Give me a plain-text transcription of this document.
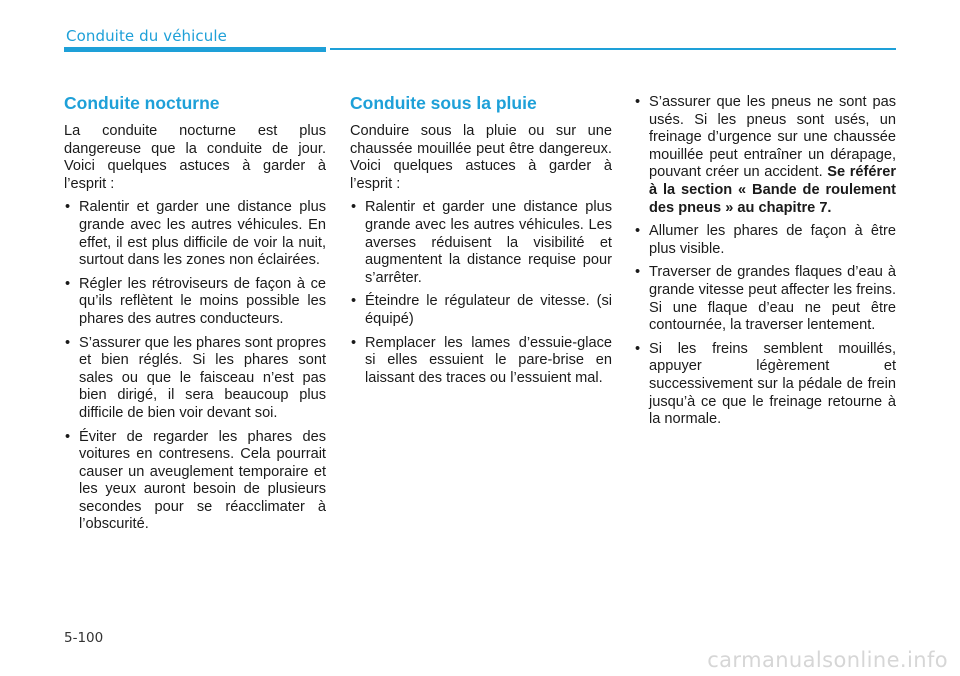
Conduite du véhicule
Conduite nocturne

La conduite nocturne est plus dangereuse que la conduite de jour. Voici quelques astuces à garder à l’esprit :

• Ralentir et garder une distance plus grande avec les autres véhicules. En effet, il est plus difficile de voir la nuit, surtout dans les zones non éclairées.
• Régler les rétroviseurs de façon à ce qu’ils reflètent le moins possible les phares des autres conducteurs.
• S’assurer que les phares sont propres et bien réglés. Si les phares sont sales ou que le faisceau n’est pas bien dirigé, il sera beaucoup plus difficile de bien voir devant soi.
• Éviter de regarder les phares des voitures en contresens. Cela pourrait causer un aveuglement temporaire et les yeux auront besoin de plusieurs secondes pour se réacclimater à l’obscurité.
Conduite sous la pluie

Conduire sous la pluie ou sur une chaussée mouillée peut être dangereux. Voici quelques astuces à garder à l’esprit :

• Ralentir et garder une distance plus grande avec les autres véhicules. Les averses réduisent la visibilité et augmentent la distance requise pour s’arrêter.
• Éteindre le régulateur de vitesse. (si équipé)
• Remplacer les lames d’essuie-glace si elles essuient le pare-brise en laissant des traces ou l’essuient mal.
• S’assurer que les pneus ne sont pas usés. Si les pneus sont usés, un freinage d’urgence sur une chaussée mouillée peut entraîner un dérapage, pouvant créer un accident. Se référer à la section « Bande de roulement des pneus » au chapitre 7.
• Allumer les phares de façon à être plus visible.
• Traverser de grandes flaques d’eau à grande vitesse peut affecter les freins. Si une flaque d’eau ne peut être contournée, la traverser lentement.
• Si les freins semblent mouillés, appuyer légèrement et successivement sur la pédale de frein jusqu’à ce que le freinage retourne à la normale.
5-100
carmanualsonline.info
